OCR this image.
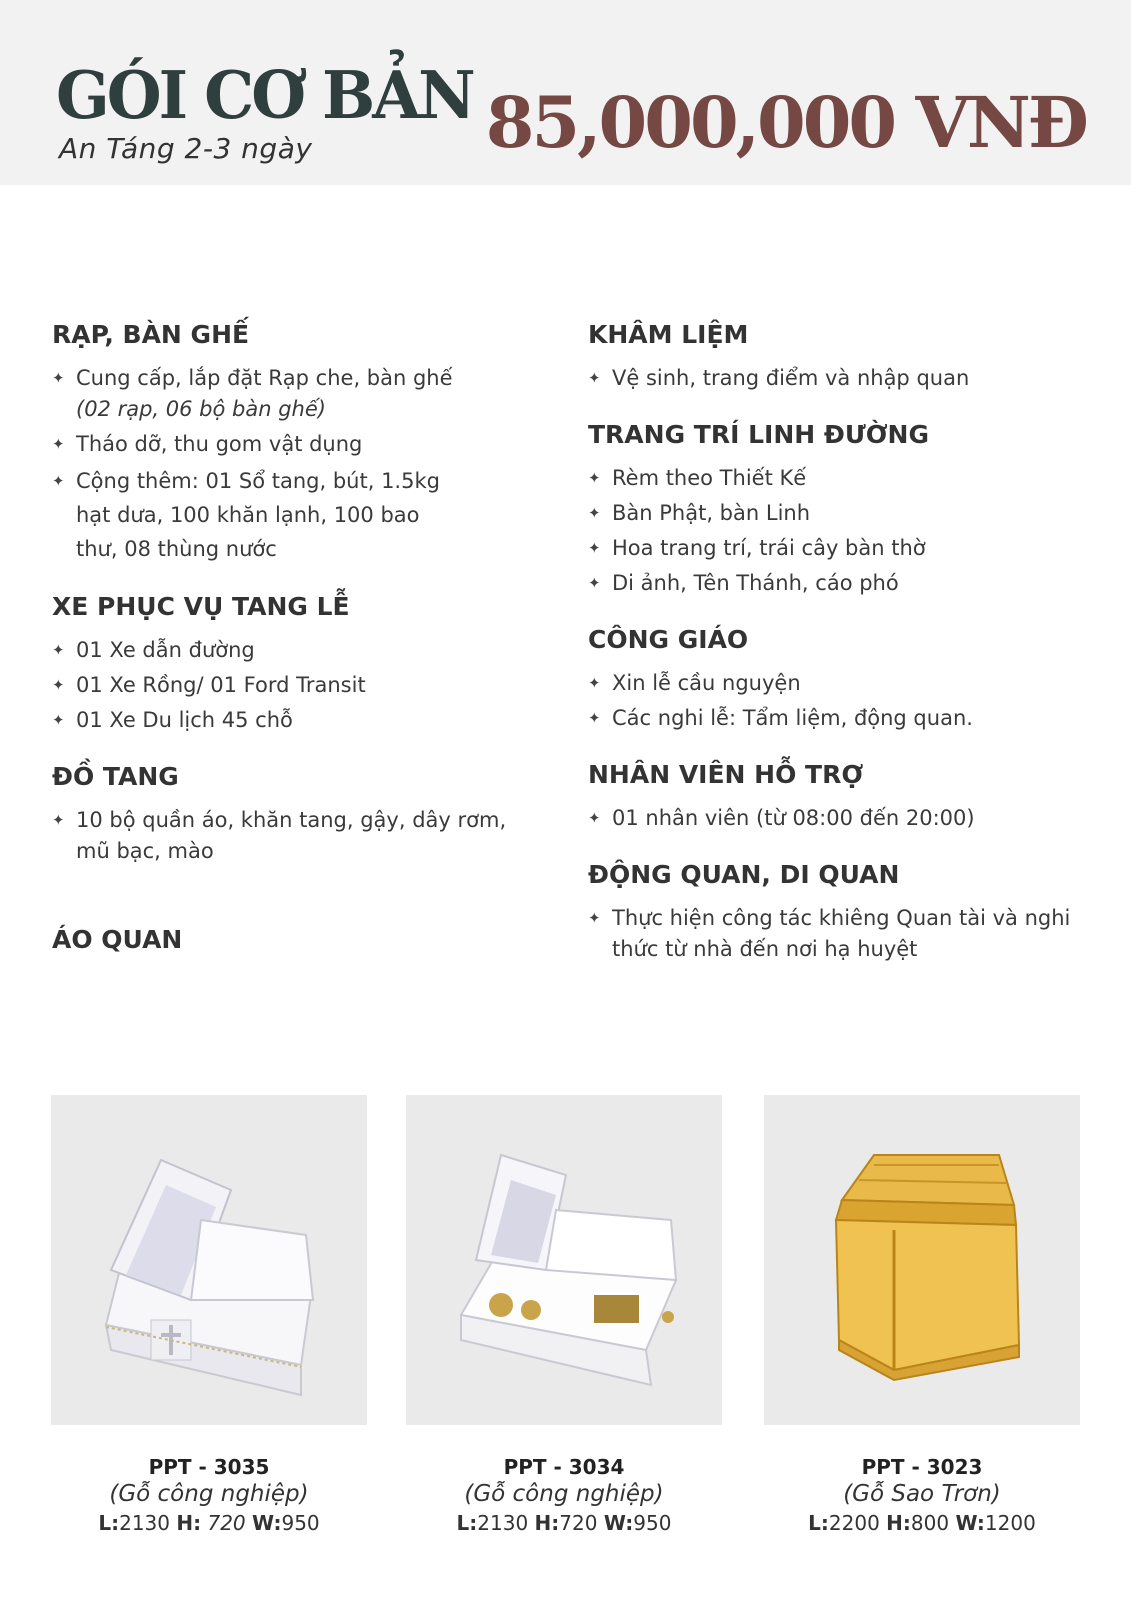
GÓI CƠ BẢN
An Táng 2-3 ngày 85,000,000 VNĐ
RẠP, BÀN GHẾ
✦ Cung cấp, lắp đặt Rạp che, bàn ghế
(02 rạp, 06 bộ bàn ghế)
✦ Tháo dỡ, thu gom vật dụng
✦ Cộng thêm: 01 Sổ tang, bút, 1.5kg hạt dưa, 100 khăn lạnh, 100 bao thư, 08 thùng nước
XE PHỤC VỤ TANG LỄ
✦ 01 Xe dẫn đường
✦ 01 Xe Rồng/ 01 Ford Transit
✦ 01 Xe Du lịch 45 chỗ
ĐỒ TANG
✦ 10 bộ quần áo, khăn tang, gậy, dây rơm, mũ bạc, mào
ÁO QUAN
KHÂM LIỆM
✦ Vệ sinh, trang điểm và nhập quan
TRANG TRÍ LINH ĐƯỜNG
✦ Rèm theo Thiết Kế
✦ Bàn Phật, bàn Linh
✦ Hoa trang trí, trái cây bàn thờ
✦ Di ảnh, Tên Thánh, cáo phó
CÔNG GIÁO
✦ Xin lễ cầu nguyện
✦ Các nghi lễ: Tẩm liệm, động quan.
NHÂN VIÊN HỖ TRỢ
✦ 01 nhân viên (từ 08:00 đến 20:00)
ĐỘNG QUAN, DI QUAN
✦ Thực hiện công tác khiêng Quan tài và nghi thức từ nhà đến nơi hạ huyệt
PPT - 3035
(Gỗ công nghiệp)
L:2130 H: 720 W:950
PPT - 3034
(Gỗ công nghiệp)
L:2130 H:720 W:950
PPT - 3023
(Gỗ Sao Trơn)
L:2200 H:800 W:1200
